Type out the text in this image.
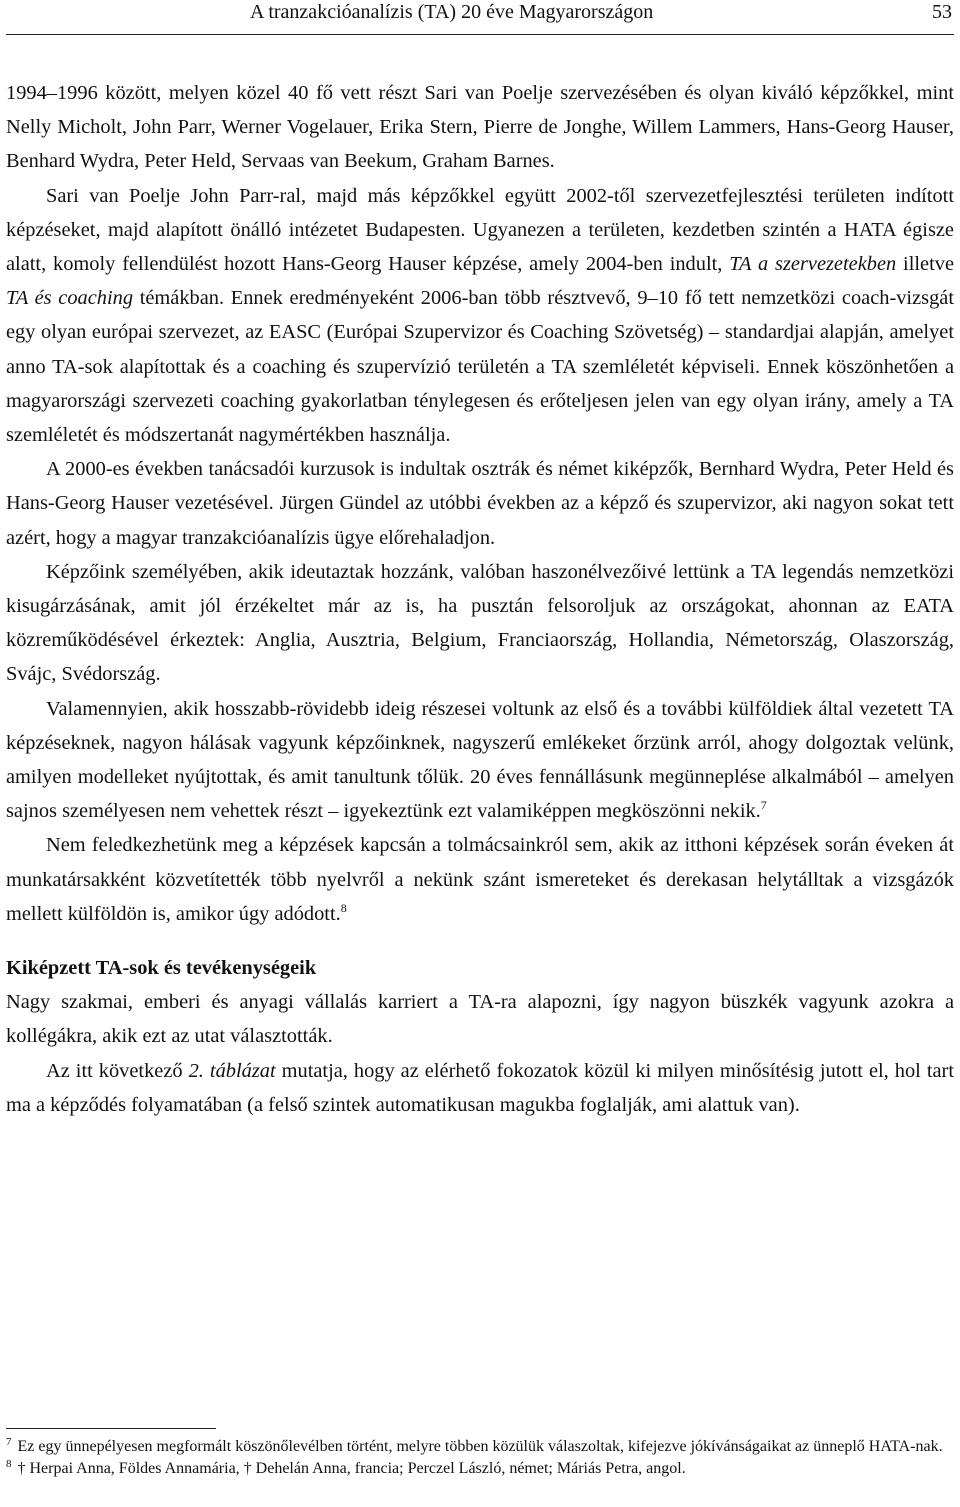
A tranzakcióanalízis (TA) 20 éve Magyarországon	53

1994–1996 között, melyen közel 40 fő vett részt Sari van Poelje szervezésében és olyan kiváló képzőkkel, mint Nelly Micholt, John Parr, Werner Vogelauer, Erika Stern, Pierre de Jonghe, Willem Lammers, Hans-Georg Hauser, Benhard Wydra, Peter Held, Servaas van Beekum, Graham Barnes.

Sari van Poelje John Parr-ral, majd más képzőkkel együtt 2002-től szervezetfejlesztési területen indított képzéseket, majd alapított önálló intézetet Budapesten. Ugyanezen a területen, kezdetben szintén a HATA égisze alatt, komoly fellendülést hozott Hans-Georg Hauser képzése, amely 2004-ben indult, TA a szervezetekben illetve TA és coaching témákban. Ennek eredményeként 2006-ban több résztvevő, 9–10 fő tett nemzetközi coach-vizsgát egy olyan európai szervezet, az EASC (Európai Szupervizor és Coaching Szövetség) – standardjai alapján, amelyet anno TA-sok alapítottak és a coaching és szupervízió területén a TA szemléletét képviseli. Ennek köszönhetően a magyarországi szervezeti coaching gyakorlatban ténylegesen és erőteljesen jelen van egy olyan irány, amely a TA szemléletét és módszertanát nagymértékben használja.

A 2000-es években tanácsadói kurzusok is indultak osztrák és német kiképzők, Bernhard Wydra, Peter Held és Hans-Georg Hauser vezetésével. Jürgen Gündel az utóbbi években az a képző és szupervizor, aki nagyon sokat tett azért, hogy a magyar tranzakcióanalízis ügye előrehaladjon.

Képzőink személyében, akik ideutaztak hozzánk, valóban haszonélvezőivé lettünk a TA legendás nemzetközi kisugárzásának, amit jól érzékeltet már az is, ha pusztán felsoroljuk az országokat, ahonnan az EATA közreműködésével érkeztek: Anglia, Ausztria, Belgium, Franciaország, Hollandia, Németország, Olaszország, Svájc, Svédország.

Valamennyien, akik hosszabb-rövidebb ideig részesei voltunk az első és a további külföldiek által vezetett TA képzéseknek, nagyon hálásak vagyunk képzőinknek, nagyszerű emlékeket őrzünk arról, ahogy dolgoztak velünk, amilyen modelleket nyújtottak, és amit tanultunk tőlük. 20 éves fennállásunk megünneplése alkalmából – amelyen sajnos személyesen nem vehettek részt – igyekeztünk ezt valamiképpen megköszönni nekik.$^7$

Nem feledkezhetünk meg a képzések kapcsán a tolmácsainkról sem, akik az itthoni képzések során éveken át munkatársakként közvetítették több nyelvről a nekünk szánt ismereteket és derekasan helytálltak a vizsgázók mellett külföldön is, amikor úgy adódott.$^8$

Kiképzett TA-sok és tevékenységeik

Nagy szakmai, emberi és anyagi vállalás karriert a TA-ra alapozni, így nagyon büszkék vagyunk azokra a kollégákra, akik ezt az utat választották.

Az itt következő 2. táblázat mutatja, hogy az elérhető fokozatok közül ki milyen minősítésig jutott el, hol tart ma a képződés folyamatában (a felső szintek automatikusan magukba foglalják, ami alattuk van).

$^7$ Ez egy ünnepélyesen megformált köszönőlevélben történt, melyre többen közülük válaszoltak, kifejezve jókívánságaikat az ünneplő HATA-nak.

$^8$ † Herpai Anna, Földes Annamária, † Dehelán Anna, francia; Perczel László, német; Máriás Petra, angol.
